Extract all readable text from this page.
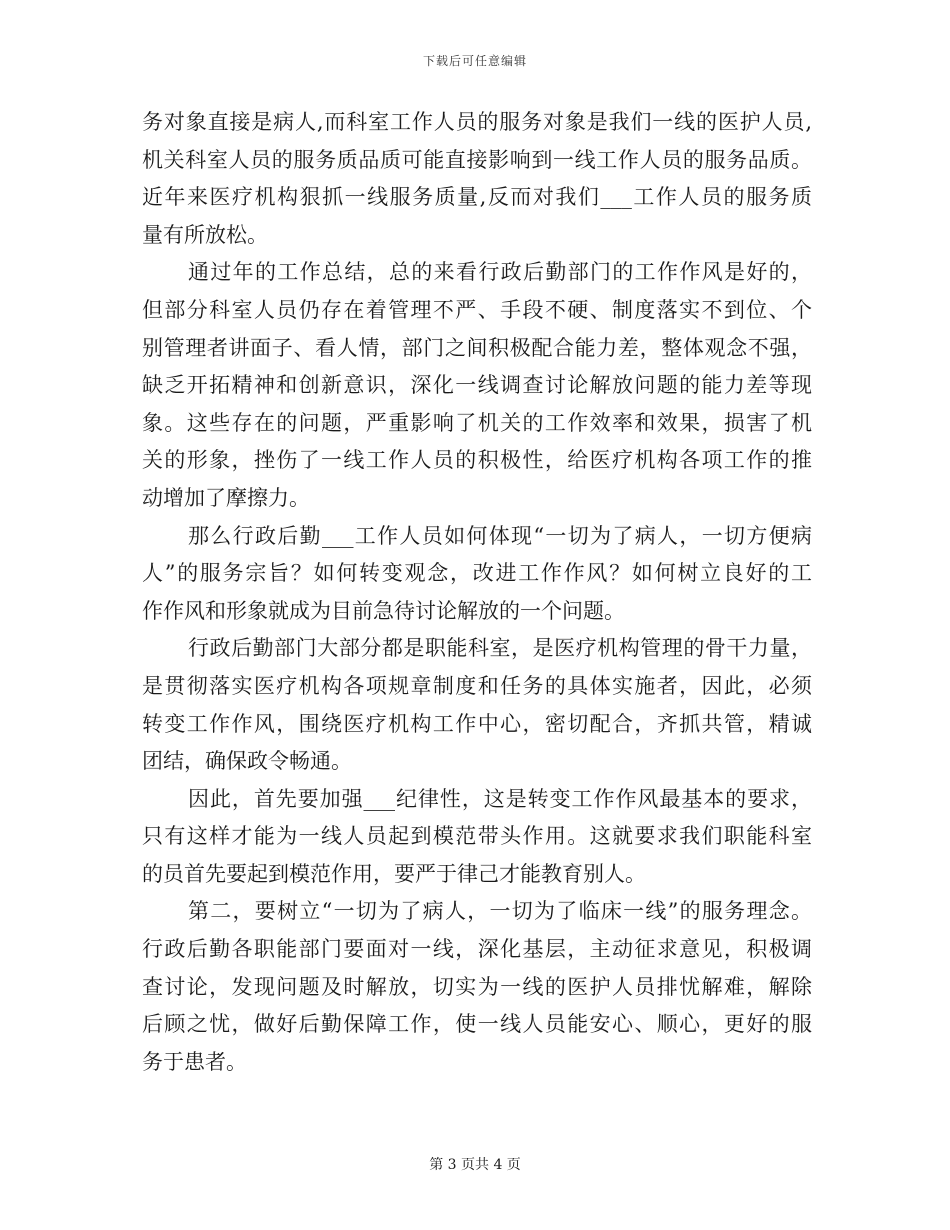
下载后可任意编辑
务对象直接是病人,而科室工作人员的服务对象是我们一线的医护人员,
机关科室人员的服务质品质可能直接影响到一线工作人员的服务品质。
近年来医疗机构狠抓一线服务质量,反而对我们___工作人员的服务质
量有所放松。
通过年的工作总结，总的来看行政后勤部门的工作作风是好的，
但部分科室人员仍存在着管理不严、手段不硬、制度落实不到位、个
别管理者讲面子、看人情，部门之间积极配合能力差，整体观念不强，
缺乏开拓精神和创新意识，深化一线调查讨论解放问题的能力差等现
象。这些存在的问题，严重影响了机关的工作效率和效果，损害了机
关的形象，挫伤了一线工作人员的积极性，给医疗机构各项工作的推
动增加了摩擦力。
那么行政后勤___工作人员如何体现“一切为了病人，一切方便病
人”的服务宗旨？如何转变观念，改进工作作风？如何树立良好的工
作作风和形象就成为目前急待讨论解放的一个问题。
行政后勤部门大部分都是职能科室，是医疗机构管理的骨干力量，
是贯彻落实医疗机构各项规章制度和任务的具体实施者，因此，必须
转变工作作风，围绕医疗机构工作中心，密切配合，齐抓共管，精诚
团结，确保政令畅通。
因此，首先要加强___纪律性，这是转变工作作风最基本的要求，
只有这样才能为一线人员起到模范带头作用。这就要求我们职能科室
的员首先要起到模范作用，要严于律己才能教育别人。
第二，要树立“一切为了病人，一切为了临床一线”的服务理念。
行政后勤各职能部门要面对一线，深化基层，主动征求意见，积极调
查讨论，发现问题及时解放，切实为一线的医护人员排忧解难，解除
后顾之忧，做好后勤保障工作，使一线人员能安心、顺心，更好的服
务于患者。
第 3 页共 4 页
